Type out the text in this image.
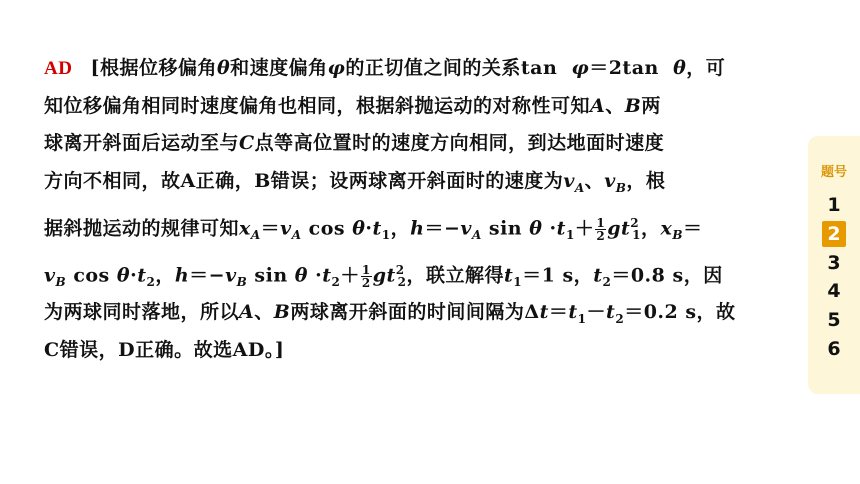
AD [根据位移偏角θ和速度偏角φ的正切值之间的关系tan  φ＝2tan  θ，可
知位移偏角相同时速度偏角也相同，根据斜抛运动的对称性可知A、B两
球离开斜面后运动至与C点等高位置时的速度方向相同，到达地面时速度
方向不相同，故A正确，B错误；设两球离开斜面时的速度为$v_A$、$v_B$，根
据斜抛运动的规律可知$x_A=v_A$ $\cos \theta\cdot t_1$，$h=-v_A$ $\sin \theta \cdot t_1+ \frac{1}{2} gt^2_1$，$x_B=$
$v_B$ $\cos \theta\cdot t_2$，$h=-v_B$ $\sin \theta \cdot t_2+ \frac{1}{2} gt^2_2$，联立解得$t_1=1$ s，$t_2=0.8$ s，因
为两球同时落地，所以A、B两球离开斜面的时间间隔为$\Delta t=t_1-t_2=0.2$ s，故
C错误，D正确。故选AD。]
题号
1
2
3
4
5
6
